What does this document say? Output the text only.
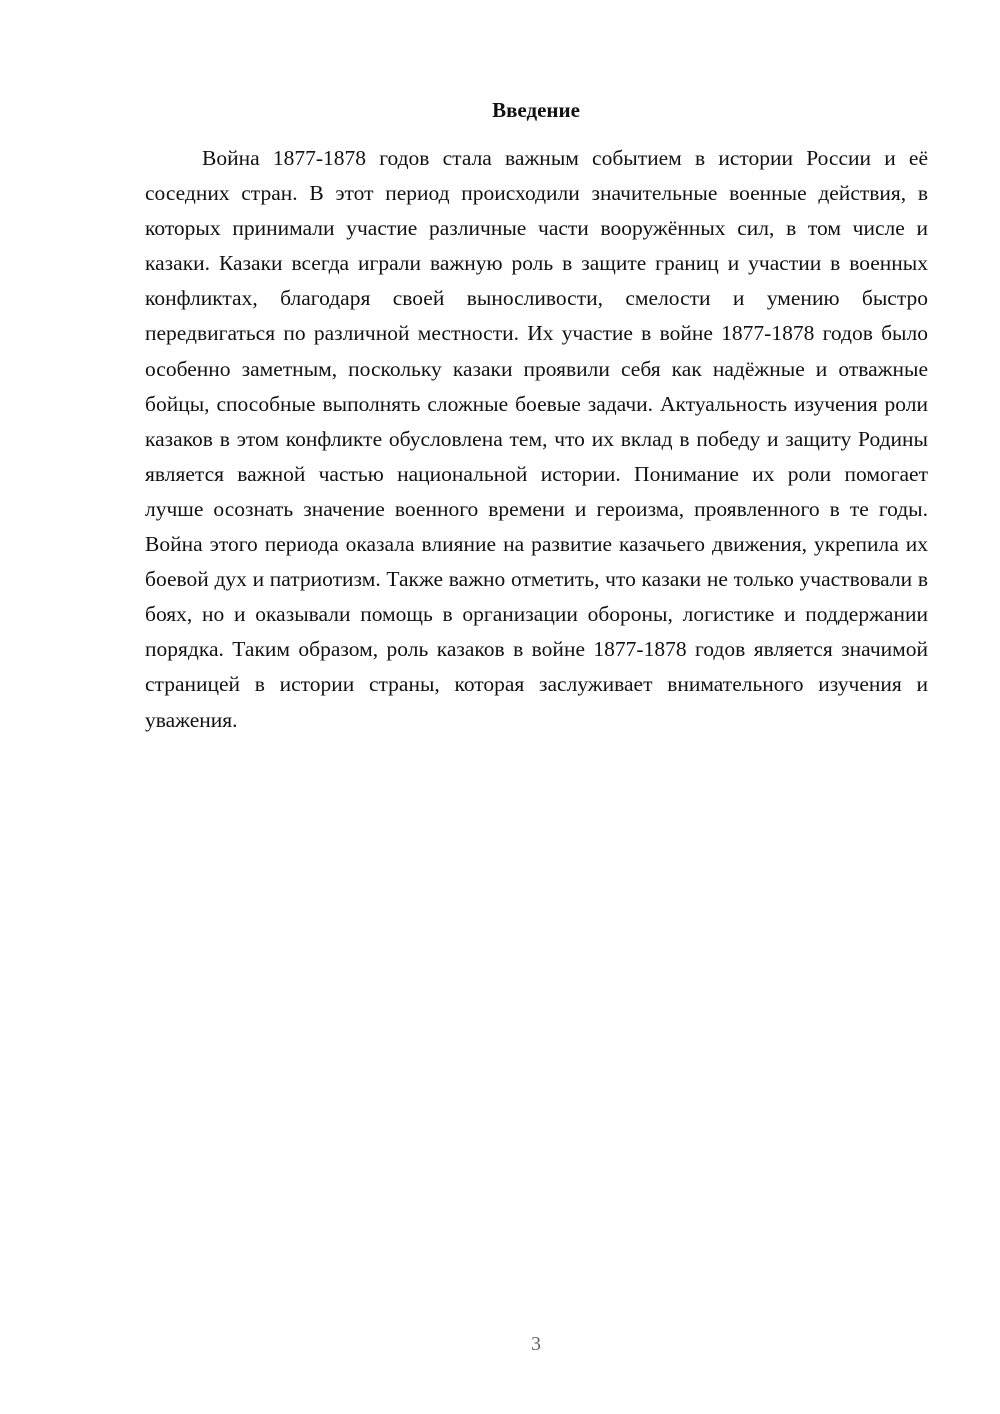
Введение

Война 1877-1878 годов стала важным событием в истории России и её соседних стран. В этот период происходили значительные военные действия, в которых принимали участие различные части вооружённых сил, в том числе и казаки. Казаки всегда играли важную роль в защите границ и участии в военных конфликтах, благодаря своей выносливости, смелости и умению быстро передвигаться по различной местности. Их участие в войне 1877-1878 годов было особенно заметным, поскольку казаки проявили себя как надёжные и отважные бойцы, способные выполнять сложные боевые задачи. Актуальность изучения роли казаков в этом конфликте обусловлена тем, что их вклад в победу и защиту Родины является важной частью национальной истории. Понимание их роли помогает лучше осознать значение военного времени и героизма, проявленного в те годы. Война этого периода оказала влияние на развитие казачьего движения, укрепила их боевой дух и патриотизм. Также важно отметить, что казаки не только участвовали в боях, но и оказывали помощь в организации обороны, логистике и поддержании порядка. Таким образом, роль казаков в войне 1877-1878 годов является значимой страницей в истории страны, которая заслуживает внимательного изучения и уважения.

3
